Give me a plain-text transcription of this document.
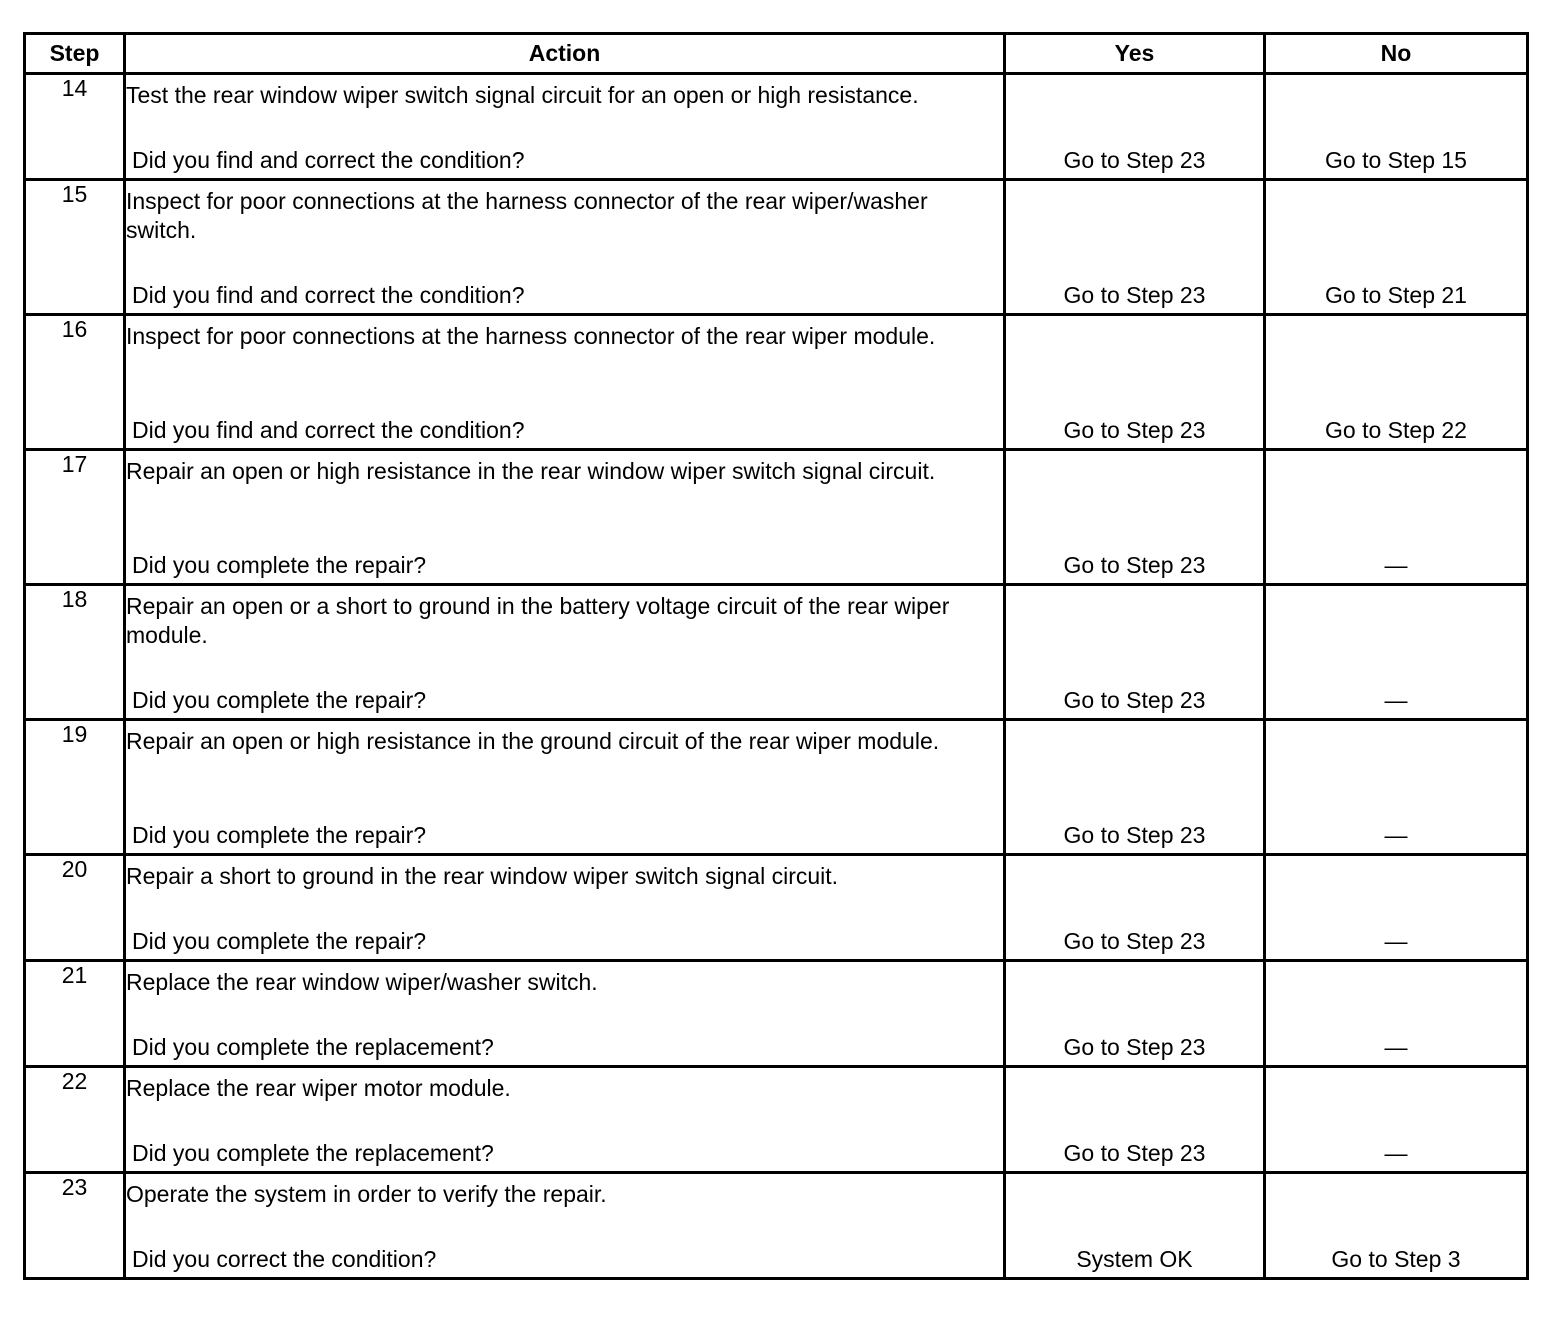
Step	Action	Yes	No
14	Test the rear window wiper switch signal circuit for an open or high resistance.
Did you find and correct the condition?	Go to Step 23	Go to Step 15

15	Inspect for poor connections at the harness connector of the rear wiper/washer switch.
Did you find and correct the condition?	Go to Step 23	Go to Step 21

16	Inspect for poor connections at the harness connector of the rear wiper module.
Did you find and correct the condition?	Go to Step 23	Go to Step 22

17	Repair an open or high resistance in the rear window wiper switch signal circuit.
Did you complete the repair?	Go to Step 23	—

18	Repair an open or a short to ground in the battery voltage circuit of the rear wiper module.
Did you complete the repair?	Go to Step 23	—

19	Repair an open or high resistance in the ground circuit of the rear wiper module.
Did you complete the repair?	Go to Step 23	—

20	Repair a short to ground in the rear window wiper switch signal circuit.
Did you complete the repair?	Go to Step 23	—

21	Replace the rear window wiper/washer switch.
Did you complete the replacement?	Go to Step 23	—

22	Replace the rear wiper motor module.
Did you complete the replacement?	Go to Step 23	—

23	Operate the system in order to verify the repair.
Did you correct the condition?	System OK	Go to Step 3
